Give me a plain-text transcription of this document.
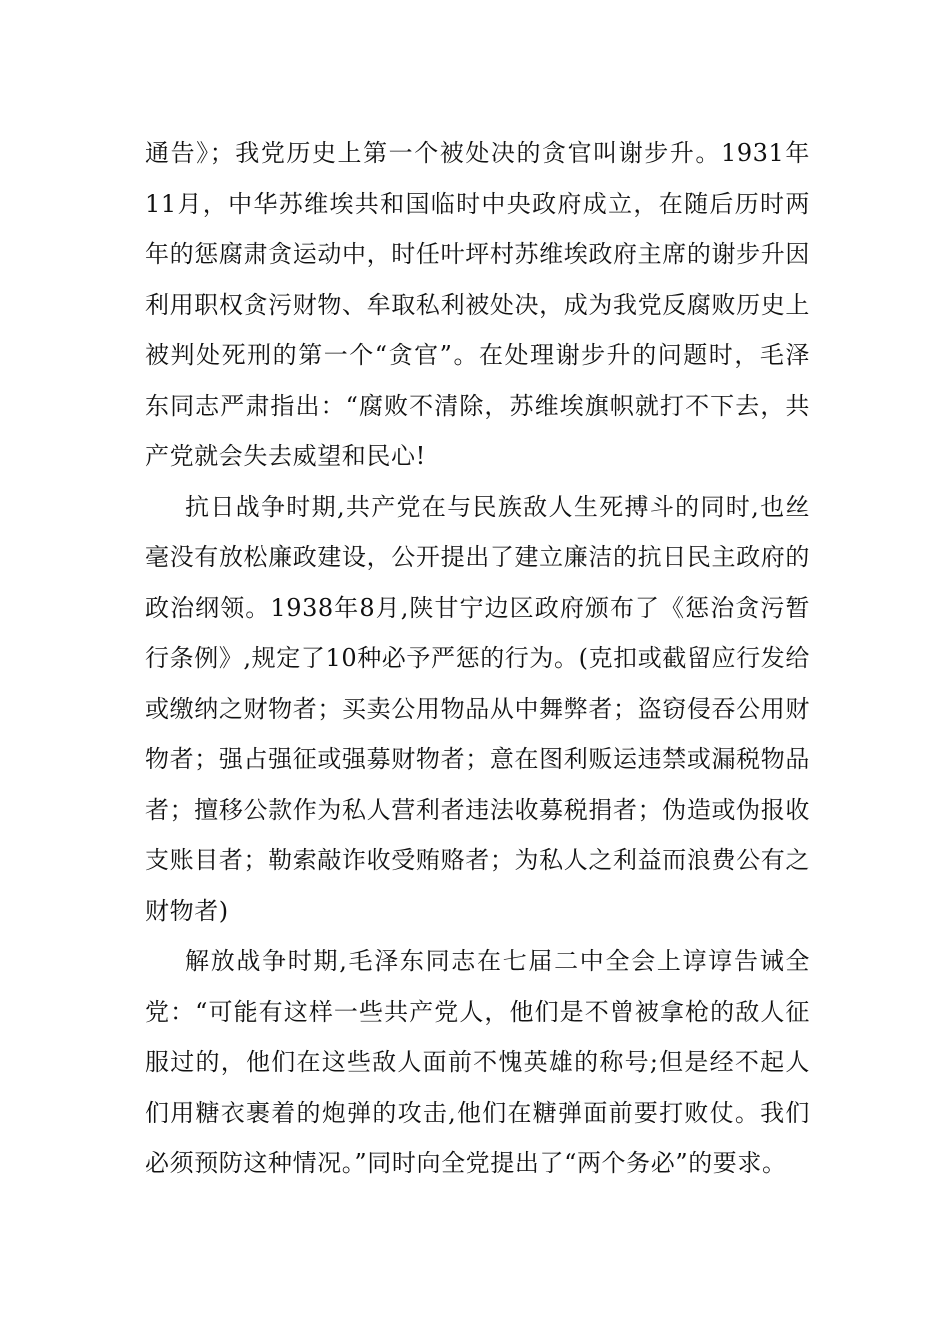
通告》；我党历史上第一个被处决的贪官叫谢步升。1931年11月，中华苏维埃共和国临时中央政府成立，在随后历时两年的惩腐肃贪运动中，时任叶坪村苏维埃政府主席的谢步升因利用职权贪污财物、牟取私利被处决，成为我党反腐败历史上被判处死刑的第一个“贪官”。在处理谢步升的问题时，毛泽东同志严肃指出：“腐败不清除，苏维埃旗帜就打不下去，共产党就会失去威望和民心!

抗日战争时期,共产党在与民族敌人生死搏斗的同时,也丝毫没有放松廉政建设，公开提出了建立廉洁的抗日民主政府的政治纲领。1938年8月,陕甘宁边区政府颁布了《惩治贪污暂行条例》,规定了10种必予严惩的行为。(克扣或截留应行发给或缴纳之财物者；买卖公用物品从中舞弊者；盗窃侵吞公用财物者；强占强征或强募财物者；意在图利贩运违禁或漏税物品者；擅移公款作为私人营利者违法收募税捐者；伪造或伪报收支账目者；勒索敲诈收受贿赂者；为私人之利益而浪费公有之财物者)

解放战争时期,毛泽东同志在七届二中全会上谆谆告诫全党：“可能有这样一些共产党人，他们是不曾被拿枪的敌人征服过的，他们在这些敌人面前不愧英雄的称号;但是经不起人们用糖衣裹着的炮弹的攻击,他们在糖弹面前要打败仗。我们必须预防这种情况。”同时向全党提出了“两个务必”的要求。
